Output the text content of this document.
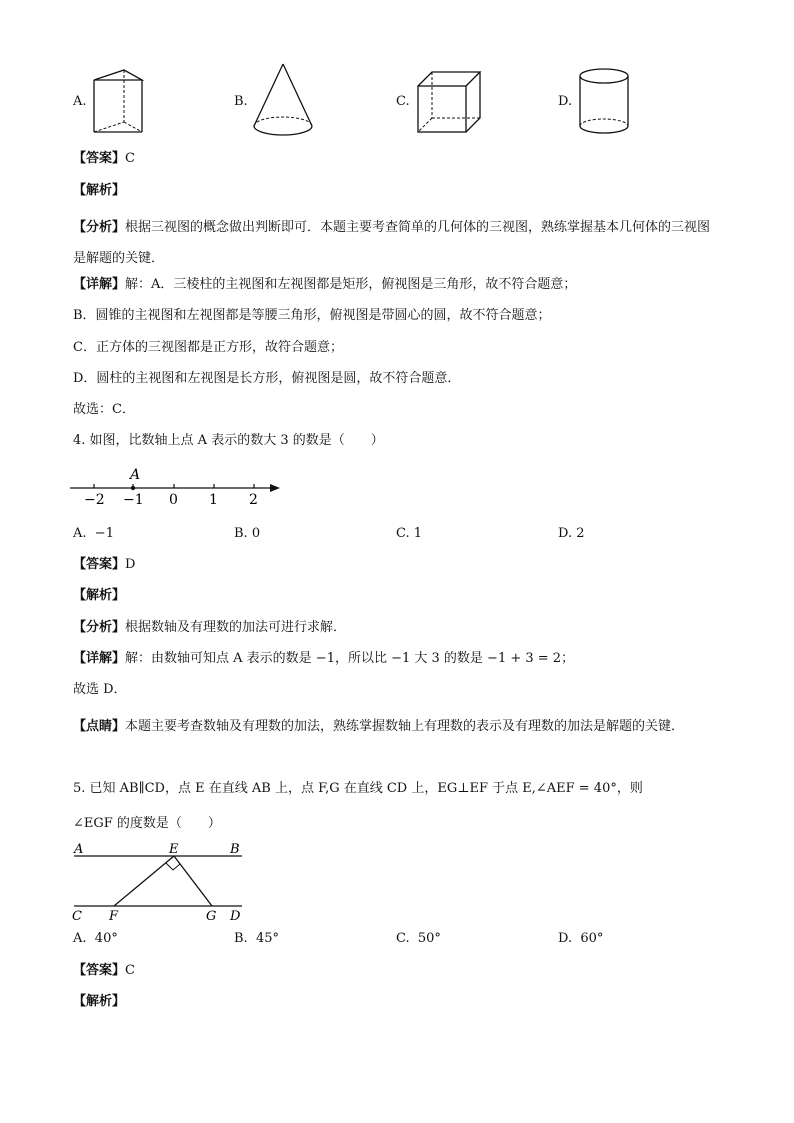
A.	B.	C.	D.
【答案】C
【解析】
【分析】根据三视图的概念做出判断即可．本题主要考查简单的几何体的三视图，熟练掌握基本几何体的三视图是解题的关键．
【详解】解：A．三棱柱的主视图和左视图都是矩形，俯视图是三角形，故不符合题意；
B．圆锥的主视图和左视图都是等腰三角形，俯视图是带圆心的圆，故不符合题意；
C．正方体的三视图都是正方形，故符合题意；
D．圆柱的主视图和左视图是长方形，俯视图是圆，故不符合题意．
故选：C．
4. 如图，比数轴上点 A 表示的数大 3 的数是（　　）
A
−2 −1 0 1 2
A. −1	B. 0	C. 1	D. 2
【答案】D
【解析】
【分析】根据数轴及有理数的加法可进行求解．
【详解】解：由数轴可知点 A 表示的数是 −1，所以比 −1 大 3 的数是 −1 + 3 = 2；
故选 D．
【点睛】本题主要考查数轴及有理数的加法，熟练掌握数轴上有理数的表示及有理数的加法是解题的关键．
5. 已知 AB∥CD，点 E 在直线 AB 上，点 F,G 在直线 CD 上，EG⊥EF 于点 E,∠AEF = 40°，则
∠EGF 的度数是（　　）
A	E	B
C F	G D
A. 40°	B. 45°	C. 50°	D. 60°
【答案】C
【解析】
